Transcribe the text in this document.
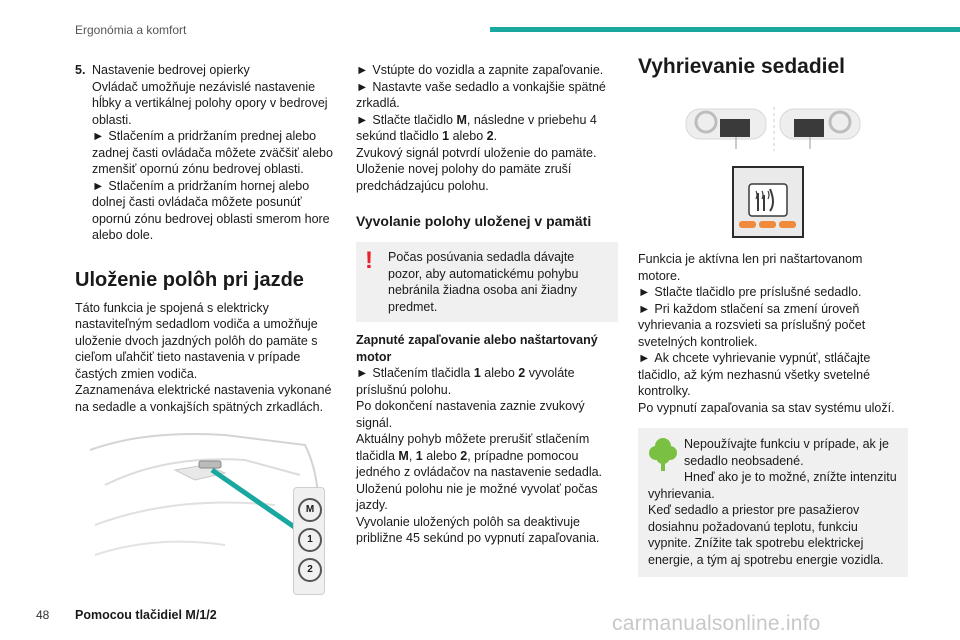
Ergonómia a komfort
5. Nastavenie bedrovej opierky

Ovládač umožňuje nezávislé nastavenie hĺbky a vertikálnej polohy opory v bedrovej oblasti.

► Stlačením a pridržaním prednej alebo zadnej časti ovládača môžete zväčšiť alebo zmenšiť opornú zónu bedrovej oblasti.

► Stlačením a pridržaním hornej alebo dolnej časti ovládača môžete posunúť opornú zónu bedrovej oblasti smerom hore alebo dole.

Uloženie polôh pri jazde

Táto funkcia je spojená s elektricky nastaviteľným sedadlom vodiča a umožňuje uloženie dvoch jazdných polôh do pamäte s cieľom uľahčiť tieto nastavenia v prípade častých zmien vodiča.

Zaznamenáva elektrické nastavenia vykonané na sedadle a vonkajších spätných zrkadlách.

M
1
2

Pomocou tlačidiel M/1/2

► Vstúpte do vozidla a zapnite zapaľovanie.

► Nastavte vaše sedadlo a vonkajšie spätné zrkadlá.

► Stlačte tlačidlo M, následne v priebehu 4 sekúnd tlačidlo 1 alebo 2.

Zvukový signál potvrdí uloženie do pamäte. Uloženie novej polohy do pamäte zruší predchádzajúcu polohu.

Vyvolanie polohy uloženej v pamäti
! Počas posúvania sedadla dávajte pozor, aby automatickému pohybu nebránila žiadna osoba ani žiadny predmet.

Zapnuté zapaľovanie alebo naštartovaný motor

► Stlačením tlačidla 1 alebo 2 vyvoláte príslušnú polohu.

Po dokončení nastavenia zaznie zvukový signál.

Aktuálny pohyb môžete prerušiť stlačením tlačidla M, 1 alebo 2, prípadne pomocou jedného z ovládačov na nastavenie sedadla.

Uloženú polohu nie je možné vyvolať počas jazdy.

Vyvolanie uložených polôh sa deaktivuje približne 45 sekúnd po vypnutí zapaľovania.

Vyhrievanie sedadiel

Funkcia je aktívna len pri naštartovanom motore.

► Stlačte tlačidlo pre príslušné sedadlo.

► Pri každom stlačení sa zmení úroveň vyhrievania a rozsvieti sa príslušný počet svetelných kontroliek.

► Ak chcete vyhrievanie vypnúť, stláčajte tlačidlo, až kým nezhasnú všetky svetelné kontrolky.

Po vypnutí zapaľovania sa stav systému uloží.

Nepoužívajte funkciu v prípade, ak je sedadlo neobsadené.

Hneď ako je to možné, znížte intenzitu vyhrievania.

Keď sedadlo a priestor pre pasažierov dosiahnu požadovanú teplotu, funkciu vypnite. Znížite tak spotrebu elektrickej energie, a tým aj spotrebu energie vozidla.

48	carmanualsonline.info
